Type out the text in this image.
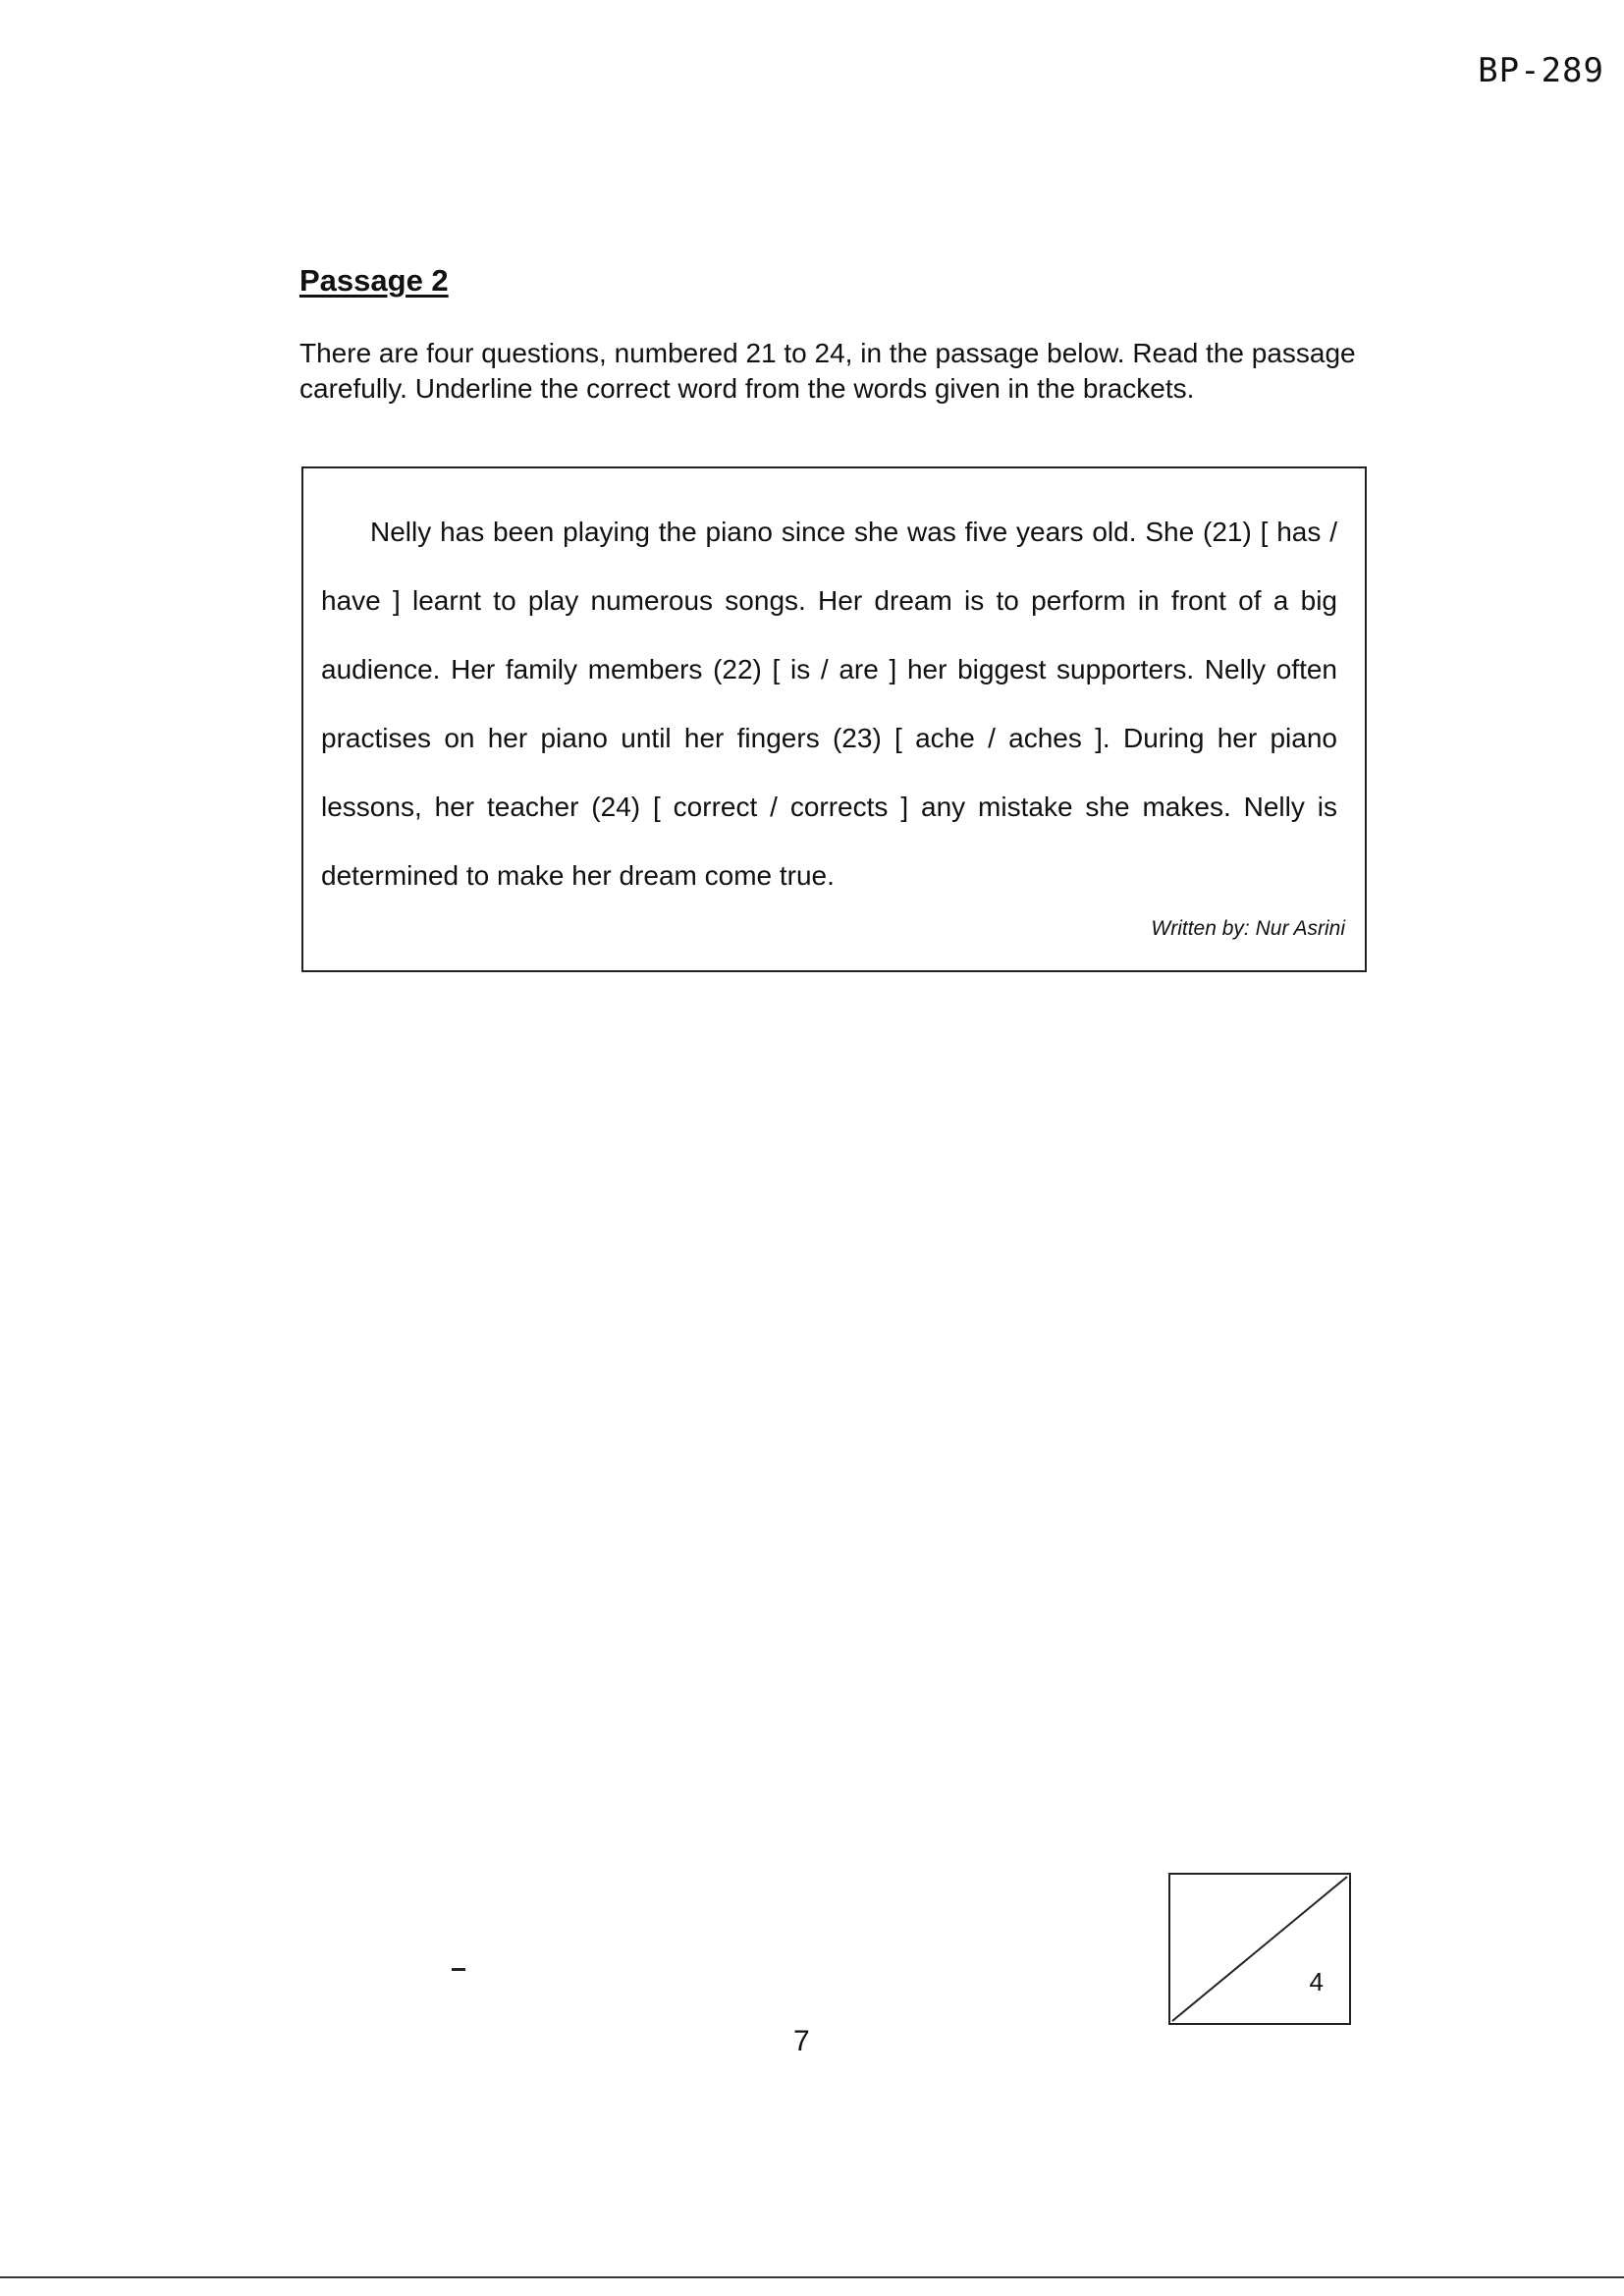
BP-289
Passage 2
There are four questions, numbered 21 to 24, in the passage below. Read the passage carefully. Underline the correct word from the words given in the brackets.

Nelly has been playing the piano since she was five years old. She (21) [ has / have ] learnt to play numerous songs. Her dream is to perform in front of a big audience. Her family members (22) [ is / are ] her biggest supporters. Nelly often practises on her piano until her fingers (23) [ ache / aches ]. During her piano lessons, her teacher (24) [ correct / corrects ] any mistake she makes. Nelly is determined to make her dream come true.

Written by: Nur Asrini
4
7
